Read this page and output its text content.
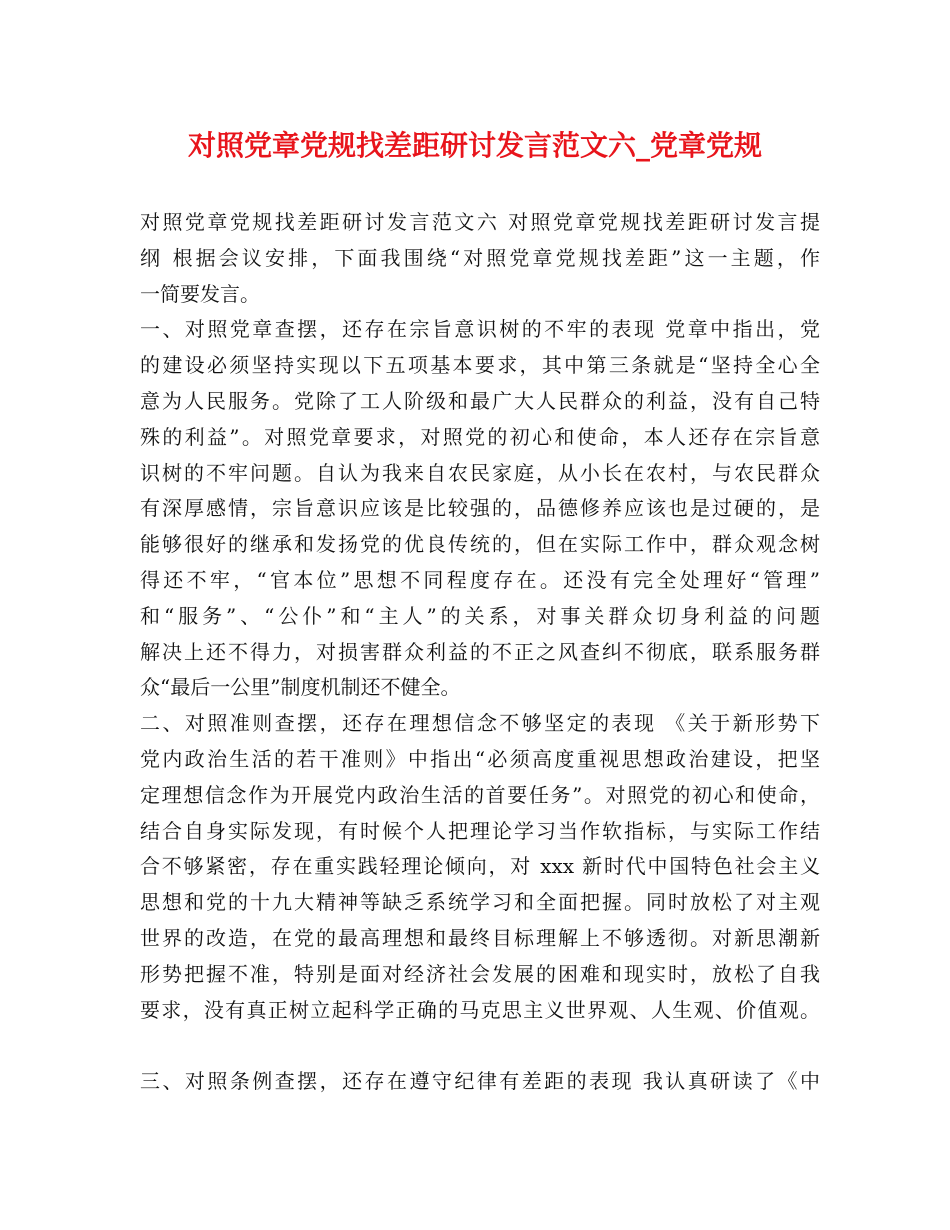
对照党章党规找差距研讨发言范文六_党章党规
对照党章党规找差距研讨发言范文六 对照党章党规找差距研讨发言提
纲 根据会议安排，下面我围绕“对照党章党规找差距”这一主题，作
一简要发言。
一、对照党章查摆，还存在宗旨意识树的不牢的表现 党章中指出，党
的建设必须坚持实现以下五项基本要求，其中第三条就是“坚持全心全
意为人民服务。党除了工人阶级和最广大人民群众的利益，没有自己特
殊的利益”。对照党章要求，对照党的初心和使命，本人还存在宗旨意
识树的不牢问题。自认为我来自农民家庭，从小长在农村，与农民群众
有深厚感情，宗旨意识应该是比较强的，品德修养应该也是过硬的，是
能够很好的继承和发扬党的优良传统的，但在实际工作中，群众观念树
得还不牢，“官本位”思想不同程度存在。还没有完全处理好“管理”
和“服务”、“公仆”和“主人”的关系，对事关群众切身利益的问题
解决上还不得力，对损害群众利益的不正之风查纠不彻底，联系服务群
众“最后一公里”制度机制还不健全。
二、对照准则查摆，还存在理想信念不够坚定的表现 《关于新形势下
党内政治生活的若干准则》中指出“必须高度重视思想政治建设，把坚
定理想信念作为开展党内政治生活的首要任务”。对照党的初心和使命，
结合自身实际发现，有时候个人把理论学习当作软指标，与实际工作结
合不够紧密，存在重实践轻理论倾向，对 xxx 新时代中国特色社会主义
思想和党的十九大精神等缺乏系统学习和全面把握。同时放松了对主观
世界的改造，在党的最高理想和最终目标理解上不够透彻。对新思潮新
形势把握不准，特别是面对经济社会发展的困难和现实时，放松了自我
要求，没有真正树立起科学正确的马克思主义世界观、人生观、价值观。
三、对照条例查摆，还存在遵守纪律有差距的表现 我认真研读了《中
